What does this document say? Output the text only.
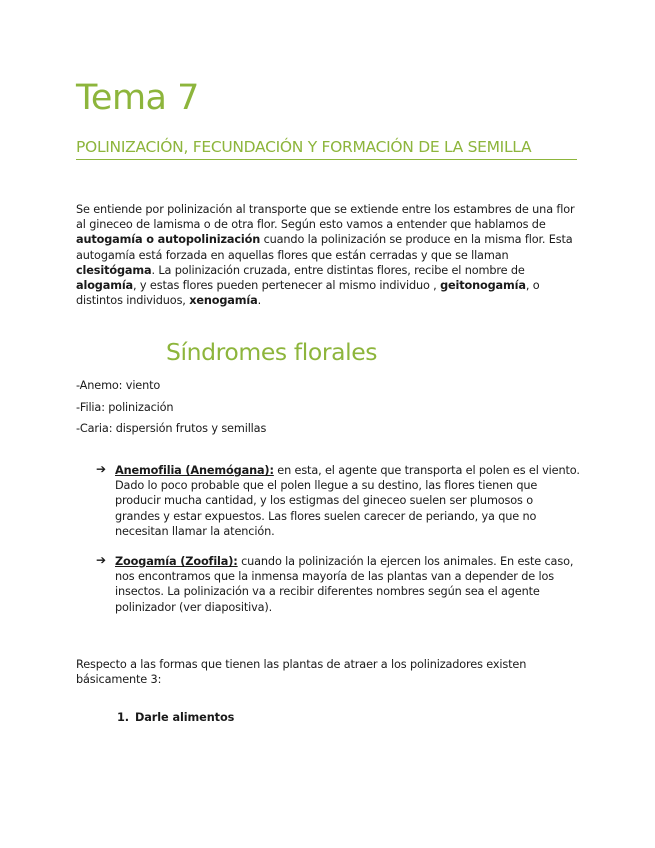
Tema 7
POLINIZACIÓN, FECUNDACIÓN Y FORMACIÓN DE LA SEMILLA

Se entiende por polinización al transporte que se extiende entre los estambres de una flor al gineceo de lamisma o de otra flor. Según esto vamos a entender que hablamos de autogamía o autopolinización cuando la polinización se produce en la misma flor. Esta autogamía está forzada en aquellas flores que están cerradas y que se llaman clesitógama. La polinización cruzada, entre distintas flores, recibe el nombre de alogamía, y estas flores pueden pertenecer al mismo individuo , geitonogamía, o distintos individuos, xenogamía.

Síndromes florales

-Anemo: viento

-Filia: polinización

-Caria: dispersión frutos y semillas

➔ Anemofilia (Anemógana): en esta, el agente que transporta el polen es el viento. Dado lo poco probable que el polen llegue a su destino, las flores tienen que producir mucha cantidad, y los estigmas del gineceo suelen ser plumosos o grandes y estar expuestos. Las flores suelen carecer de periando, ya que no necesitan llamar la atención.
➔ Zoogamía (Zoofila): cuando la polinización la ejercen los animales. En este caso, nos encontramos que la inmensa mayoría de las plantas van a depender de los insectos. La polinización va a recibir diferentes nombres según sea el agente polinizador (ver diapositiva).

Respecto a las formas que tienen las plantas de atraer a los polinizadores existen básicamente 3:

1. Darle alimentos
